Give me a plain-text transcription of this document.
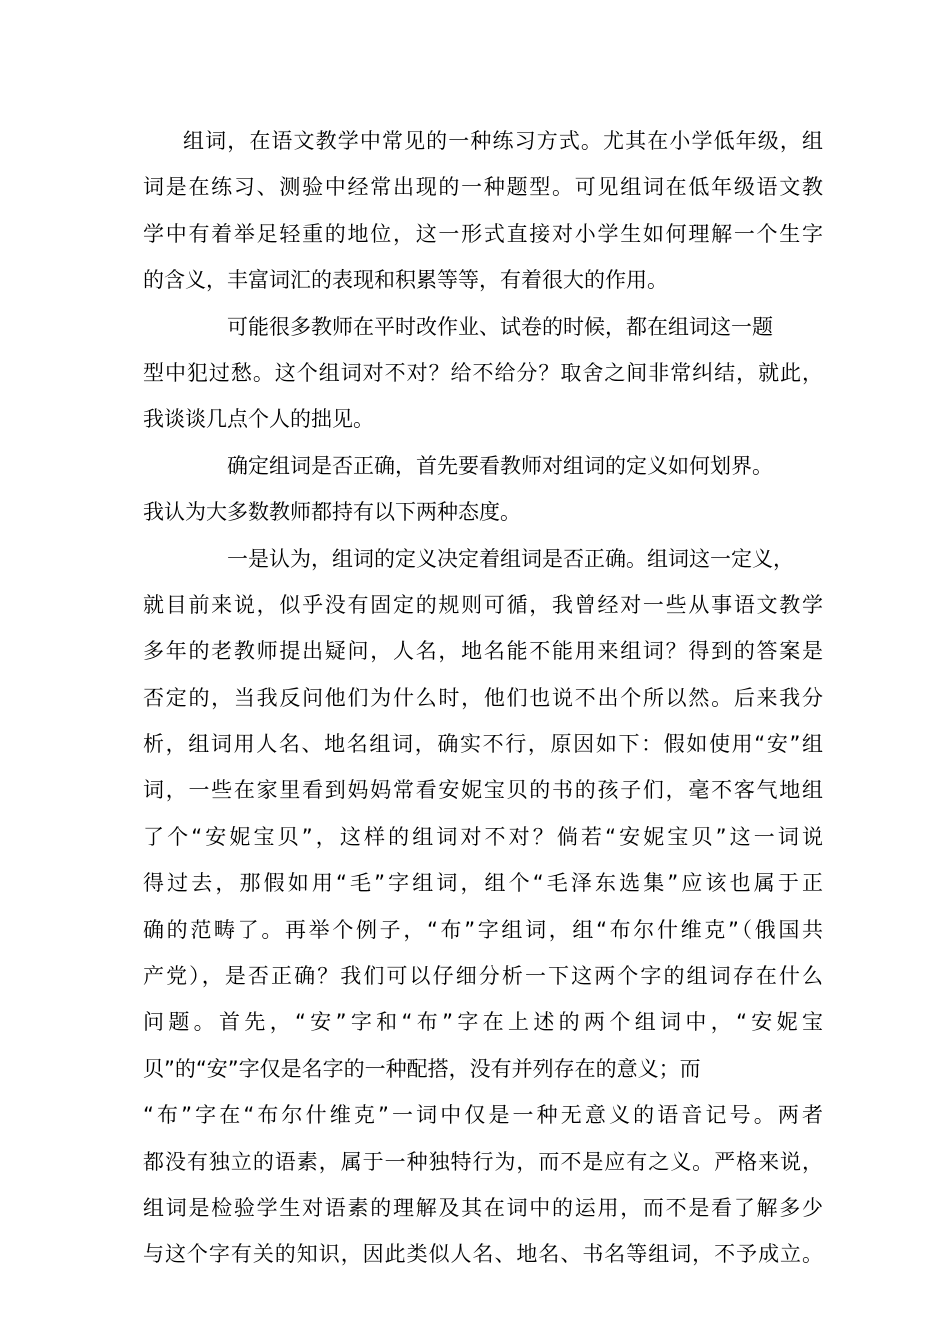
组词，在语文教学中常见的一种练习方式。尤其在小学低年级，组
词是在练习、测验中经常出现的一种题型。可见组词在低年级语文教
学中有着举足轻重的地位，这一形式直接对小学生如何理解一个生字
的含义，丰富词汇的表现和积累等等，有着很大的作用。
可能很多教师在平时改作业、试卷的时候，都在组词这一题
型中犯过愁。这个组词对不对？给不给分？取舍之间非常纠结，就此，
我谈谈几点个人的拙见。
确定组词是否正确，首先要看教师对组词的定义如何划界。
我认为大多数教师都持有以下两种态度。
一是认为，组词的定义决定着组词是否正确。组词这一定义，
就目前来说，似乎没有固定的规则可循，我曾经对一些从事语文教学
多年的老教师提出疑问，人名，地名能不能用来组词？得到的答案是
否定的，当我反问他们为什么时，他们也说不出个所以然。后来我分
析，组词用人名、地名组词，确实不行，原因如下：假如使用“安”组
词，一些在家里看到妈妈常看安妮宝贝的书的孩子们，毫不客气地组
了个“安妮宝贝”，这样的组词对不对？倘若“安妮宝贝”这一词说
得过去，那假如用“毛”字组词，组个“毛泽东选集”应该也属于正
确的范畴了。再举个例子，“布”字组词，组“布尔什维克”（俄国共
产党），是否正确？我们可以仔细分析一下这两个字的组词存在什么
问题。首先，“安”字和“布”字在上述的两个组词中，“安妮宝
贝”的“安”字仅是名字的一种配搭，没有并列存在的意义；而
“布”字在“布尔什维克”一词中仅是一种无意义的语音记号。两者
都没有独立的语素，属于一种独特行为，而不是应有之义。严格来说，
组词是检验学生对语素的理解及其在词中的运用，而不是看了解多少
与这个字有关的知识，因此类似人名、地名、书名等组词，不予成立。
